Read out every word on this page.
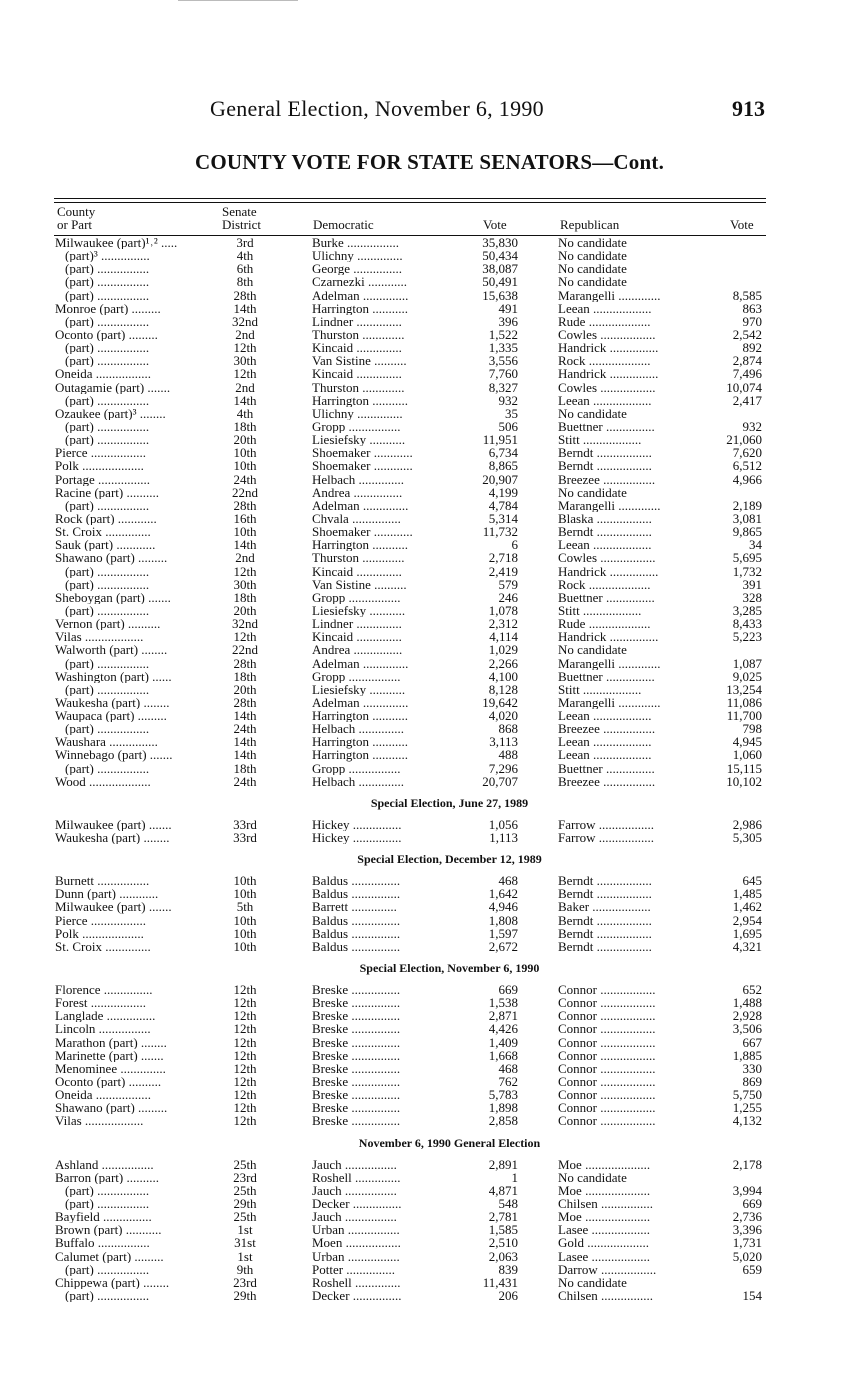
General Election, November 6, 1990	913
COUNTY VOTE FOR STATE SENATORS—Cont.
County
or Part
Senate
District	Democratic	Vote	Republican	Vote
Milwaukee (part)¹˒² .....	3rd	Burke ................	35,830	No candidate
(part)³ ...............	4th	Ulichny ..............	50,434	No candidate
(part) ................	6th	George ...............	38,087	No candidate
(part) ................	8th	Czarnezki ............	50,491	No candidate
(part) ................	28th	Adelman ..............	15,638	Marangelli .............	8,585
Monroe (part) .........	14th	Harrington ...........	491	Leean ..................	863
(part) ................	32nd	Lindner ..............	396	Rude ...................	970
Oconto (part) .........	2nd	Thurston .............	1,522	Cowles .................	2,542
(part) ................	12th	Kincaid ..............	1,335	Handrick ...............	892
(part) ................	30th	Van Sistine ..........	3,556	Rock ...................	2,874
Oneida .................	12th	Kincaid ..............	7,760	Handrick ...............	7,496
Outagamie (part) .......	2nd	Thurston .............	8,327	Cowles .................	10,074
(part) ................	14th	Harrington ...........	932	Leean ..................	2,417
Ozaukee (part)³ ........	4th	Ulichny ..............	35	No candidate
(part) ................	18th	Gropp ................	506	Buettner ...............	932
(part) ................	20th	Liesiefsky ...........	11,951	Stitt ..................	21,060
Pierce .................	10th	Shoemaker ............	6,734	Berndt .................	7,620
Polk ...................	10th	Shoemaker ............	8,865	Berndt .................	6,512
Portage ................	24th	Helbach ..............	20,907	Breezee ................	4,966
Racine (part) ..........	22nd	Andrea ...............	4,199	No candidate
(part) ................	28th	Adelman ..............	4,784	Marangelli .............	2,189
Rock (part) ............	16th	Chvala ...............	5,314	Blaska .................	3,081
St. Croix ..............	10th	Shoemaker ............	11,732	Berndt .................	9,865
Sauk (part) ............	14th	Harrington ...........	6	Leean ..................	34
Shawano (part) .........	2nd	Thurston .............	2,718	Cowles .................	5,695
(part) ................	12th	Kincaid ..............	2,419	Handrick ...............	1,732
(part) ................	30th	Van Sistine ..........	579	Rock ...................	391
Sheboygan (part) .......	18th	Gropp ................	246	Buettner ...............	328
(part) ................	20th	Liesiefsky ...........	1,078	Stitt ..................	3,285
Vernon (part) ..........	32nd	Lindner ..............	2,312	Rude ...................	8,433
Vilas ..................	12th	Kincaid ..............	4,114	Handrick ...............	5,223
Walworth (part) ........	22nd	Andrea ...............	1,029	No candidate
(part) ................	28th	Adelman ..............	2,266	Marangelli .............	1,087
Washington (part) ......	18th	Gropp ................	4,100	Buettner ...............	9,025
(part) ................	20th	Liesiefsky ...........	8,128	Stitt ..................	13,254
Waukesha (part) ........	28th	Adelman ..............	19,642	Marangelli .............	11,086
Waupaca (part) .........	14th	Harrington ...........	4,020	Leean ..................	11,700
(part) ................	24th	Helbach ..............	868	Breezee ................	798
Waushara ...............	14th	Harrington ...........	3,113	Leean ..................	4,945
Winnebago (part) .......	14th	Harrington ...........	488	Leean ..................	1,060
(part) ................	18th	Gropp ................	7,296	Buettner ...............	15,115
Wood ...................	24th	Helbach ..............	20,707	Breezee ................	10,102
Special Election, June 27, 1989
Milwaukee (part) .......	33rd	Hickey ...............	1,056	Farrow .................	2,986
Waukesha (part) ........	33rd	Hickey ...............	1,113	Farrow .................	5,305
Special Election, December 12, 1989
Burnett ................	10th	Baldus ...............	468	Berndt .................	645
Dunn (part) ............	10th	Baldus ...............	1,642	Berndt .................	1,485
Milwaukee (part) .......	5th	Barrett ..............	4,946	Baker ..................	1,462
Pierce .................	10th	Baldus ...............	1,808	Berndt .................	2,954
Polk ...................	10th	Baldus ...............	1,597	Berndt .................	1,695
St. Croix ..............	10th	Baldus ...............	2,672	Berndt .................	4,321
Special Election, November 6, 1990
Florence ...............	12th	Breske ...............	669	Connor .................	652
Forest .................	12th	Breske ...............	1,538	Connor .................	1,488
Langlade ...............	12th	Breske ...............	2,871	Connor .................	2,928
Lincoln ................	12th	Breske ...............	4,426	Connor .................	3,506
Marathon (part) ........	12th	Breske ...............	1,409	Connor .................	667
Marinette (part) .......	12th	Breske ...............	1,668	Connor .................	1,885
Menominee ..............	12th	Breske ...............	468	Connor .................	330
Oconto (part) ..........	12th	Breske ...............	762	Connor .................	869
Oneida .................	12th	Breske ...............	5,783	Connor .................	5,750
Shawano (part) .........	12th	Breske ...............	1,898	Connor .................	1,255
Vilas ..................	12th	Breske ...............	2,858	Connor .................	4,132
November 6, 1990 General Election
Ashland ................	25th	Jauch ................	2,891	Moe ....................	2,178
Barron (part) ..........	23rd	Roshell ..............	1	No candidate
(part) ................	25th	Jauch ................	4,871	Moe ....................	3,994
(part) ................	29th	Decker ...............	548	Chilsen ................	669
Bayfield ...............	25th	Jauch ................	2,781	Moe ....................	2,736
Brown (part) ...........	1st	Urban ................	1,585	Lasee ..................	3,396
Buffalo ................	31st	Moen .................	2,510	Gold ...................	1,731
Calumet (part) .........	1st	Urban ................	2,063	Lasee ..................	5,020
(part) ................	9th	Potter ...............	839	Darrow .................	659
Chippewa (part) ........	23rd	Roshell ..............	11,431	No candidate
(part) ................	29th	Decker ...............	206	Chilsen ................	154
